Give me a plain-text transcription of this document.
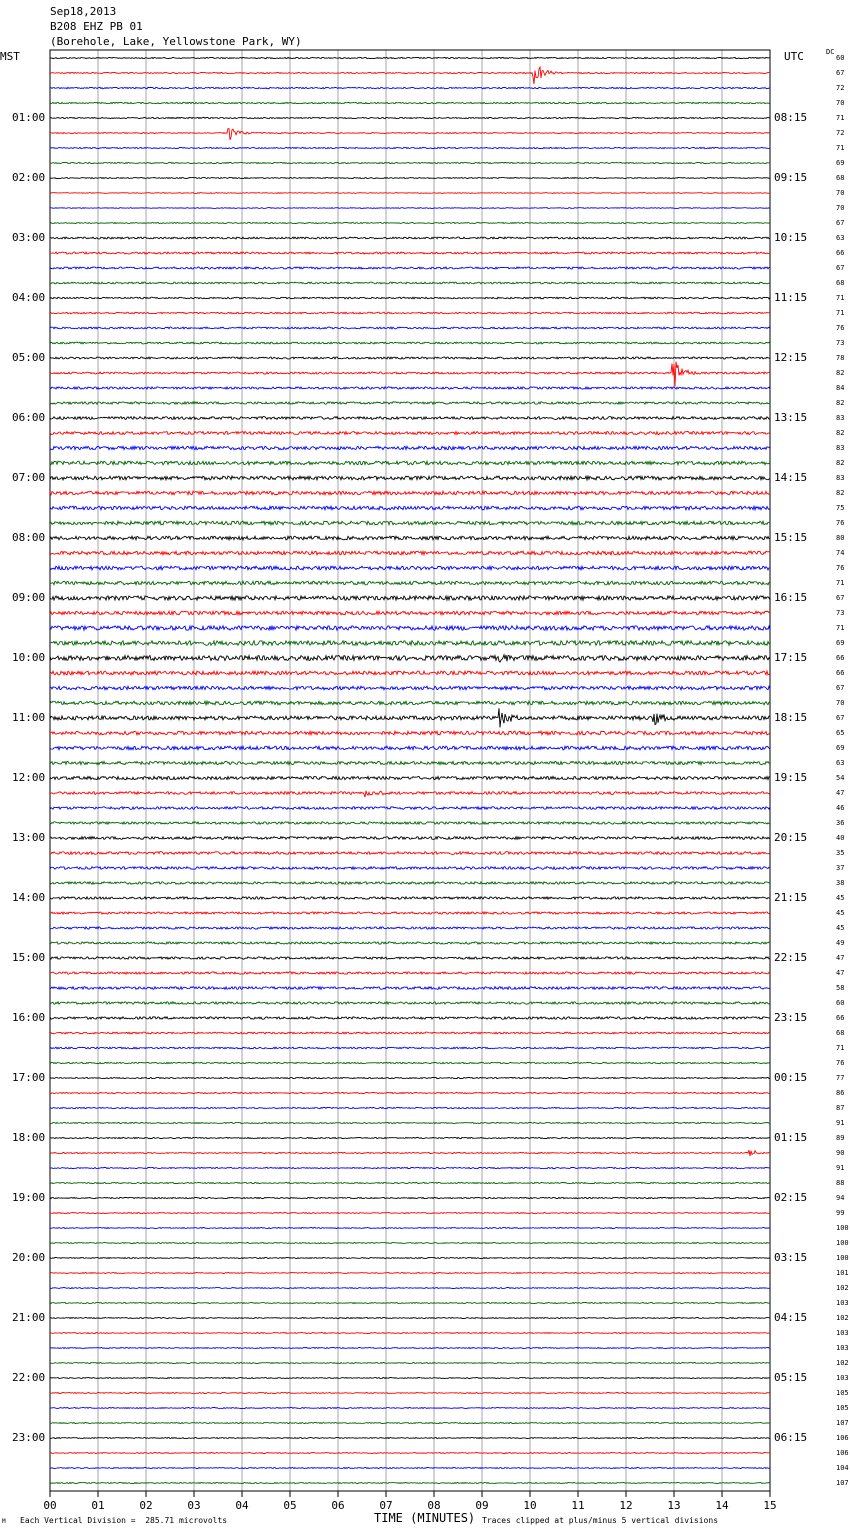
00	01	02	03	04	05	06	07	08	09	10	11	12	13	14	15
Sep18,2013
B208 EHZ PB 01
(Borehole, Lake, Yellowstone Park, WY)
MST	UTC	DC
01:00
02:00
03:00
04:00
05:00
06:00
07:00
08:00
09:00
10:00
11:00
12:00
13:00
14:00
15:00
16:00
17:00
18:00
19:00
20:00
21:00
22:00
23:00
08:15
09:15
10:15
11:15
12:15
13:15
14:15
15:15
16:15
17:15
18:15
19:15
20:15
21:15
22:15
23:15
00:15
01:15
02:15
03:15
04:15
05:15
06:15
60
67
72
70
71
72
71
69
68
70
70
67
63
66
67
68
71
71
76
73
78
82
84
82
83
82
83
82
83
82
75
76
80
74
76
71
67
73
71
69
66
66
67
70
67
65
69
63
54
47
46
36
40
35
37
38
45
45
45
49
47
47
58
60
66
68
71
76
77
86
87
91
89
90
91
88
94
99
100
100
100
101
102
103
102
103
103
102
103
105
105
107
106
106
104
107
TIME (MINUTES)
Each Vertical Division =  285.71 microvolts	Traces clipped at plus/minus 5 vertical divisions
M
